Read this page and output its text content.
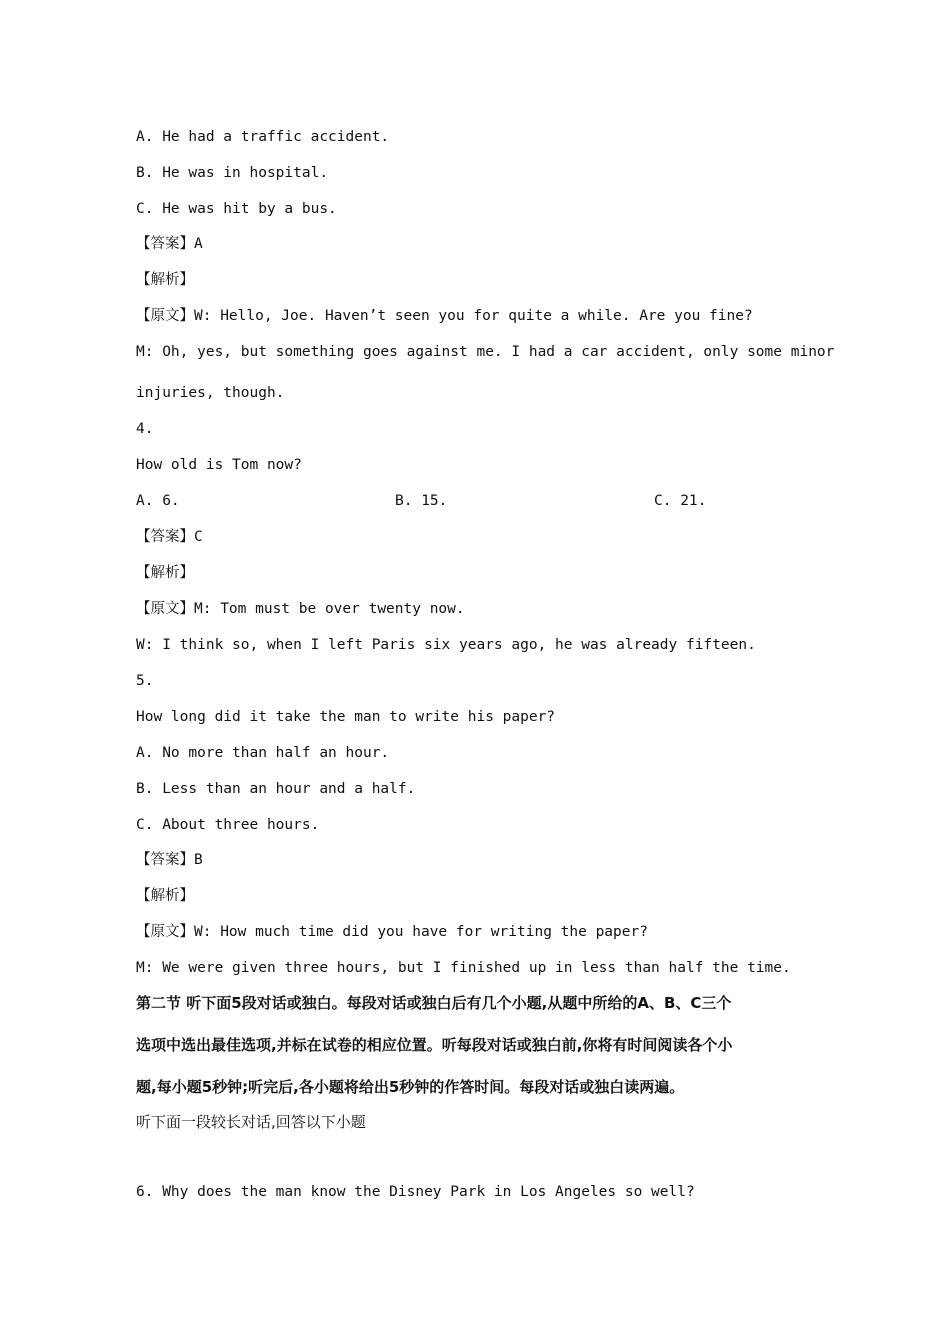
A. He had a traffic accident.
B. He was in hospital.
C. He was hit by a bus.
【答案】A
【解析】
【原文】W: Hello, Joe. Haven’t seen you for quite a while. Are you fine?
M: Oh, yes, but something goes against me. I had a car accident, only some minor
injuries, though.
4.
How old is Tom now?
A. 6.	B. 15.	C. 21.
【答案】C
【解析】
【原文】M: Tom must be over twenty now.
W: I think so, when I left Paris six years ago, he was already fifteen.
5.
How long did it take the man to write his paper?
A. No more than half an hour.
B. Less than an hour and a half.
C. About three hours.
【答案】B
【解析】
【原文】W: How much time did you have for writing the paper?
M: We were given three hours, but I finished up in less than half the time.
第二节 听下面5段对话或独白。每段对话或独白后有几个小题,从题中所给的A、B、C三个
选项中选出最佳选项,并标在试卷的相应位置。听每段对话或独白前,你将有时间阅读各个小
题,每小题5秒钟;听完后,各小题将给出5秒钟的作答时间。每段对话或独白读两遍。
听下面一段较长对话,回答以下小题
6. Why does the man know the Disney Park in Los Angeles so well?
